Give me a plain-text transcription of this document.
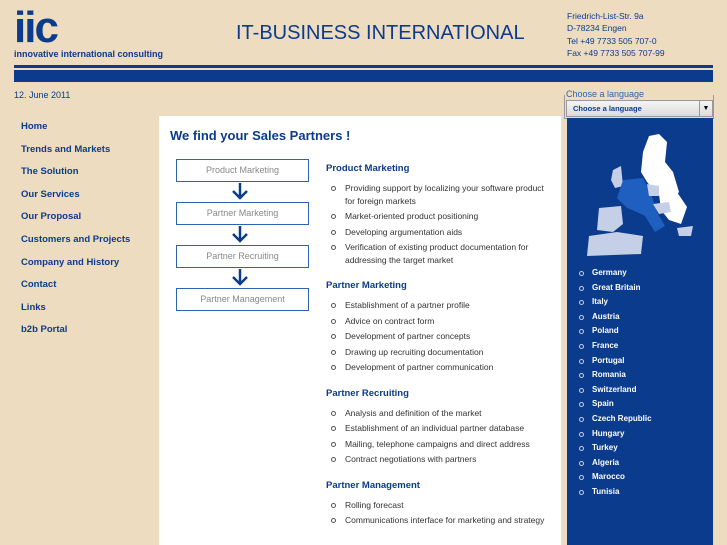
iic
innovative international consulting
IT-BUSINESS INTERNATIONAL
Friedrich-List-Str. 9a
D-78234 Engen
Tel +49 7733 505 707-0
Fax +49 7733 505 707-99
12. June 2011
Home
Trends and Markets
The Solution
Our Services
Our Proposal
Customers and Projects
Company and History
Contact
Links
b2b Portal
We find your Sales Partners !
Product Marketing
Partner Marketing
Partner Recruiting
Partner Management
Product Marketing
Providing support by localizing your software product for foreign markets
Market-oriented product positioning
Developing argumentation aids
Verification of existing product documentation for addressing the target market
Partner Marketing
Establishment of a partner profile
Advice on contract form
Development of partner concepts
Drawing up recruiting documentation
Development of partner communication
Partner Recruiting
Analysis and definition of the market
Establishment of an individual partner database
Mailing, telephone campaigns and direct address
Contract negotiations with partners
Partner Management
Rolling forecast
Communications interface for marketing and strategy
Choose a language
Choose a language	▼
Germany
Great Britain
Italy
Austria
Poland
France
Portugal
Romania
Switzerland
Spain
Czech Republic
Hungary
Turkey
Algeria
Marocco
Tunisia
